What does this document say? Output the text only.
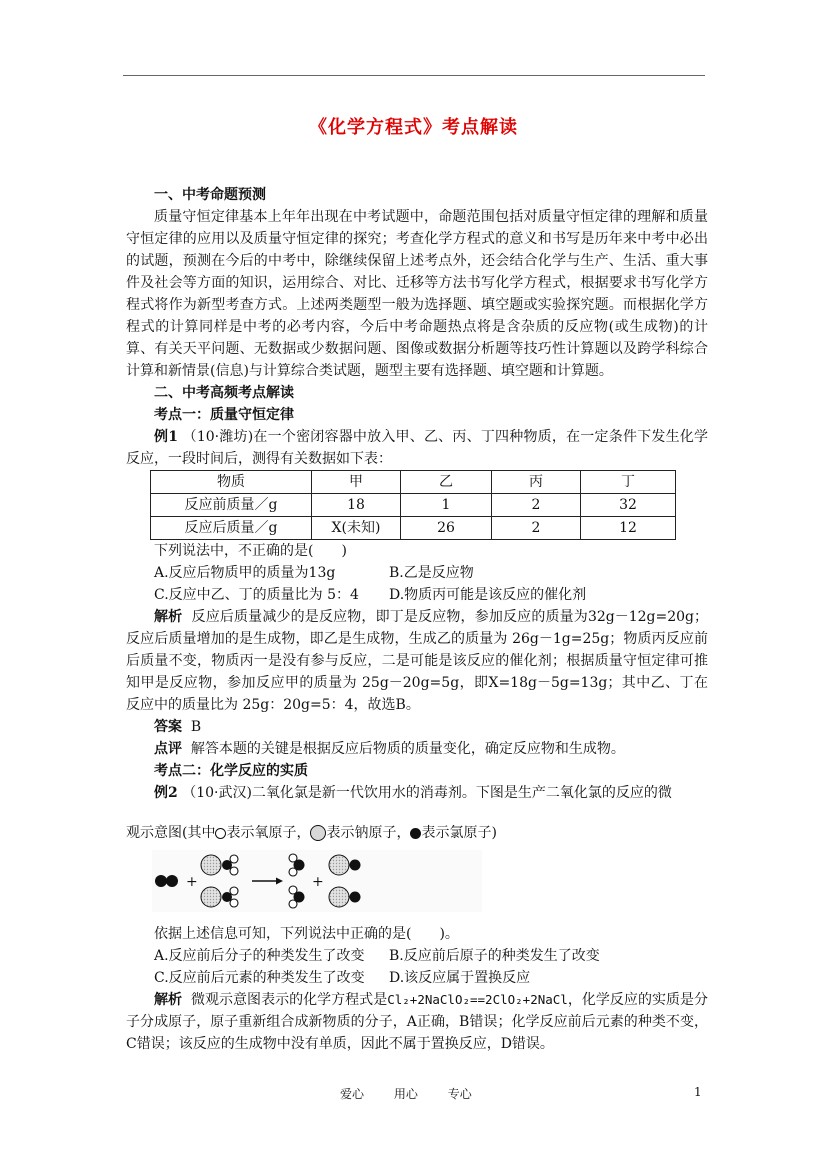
《化学方程式》考点解读

一、中考命题预测

质量守恒定律基本上年年出现在中考试题中，命题范围包括对质量守恒定律的理解和质量守恒定律的应用以及质量守恒定律的探究；考查化学方程式的意义和书写是历年来中考中必出的试题，预测在今后的中考中，除继续保留上述考点外，还会结合化学与生产、生活、重大事件及社会等方面的知识，运用综合、对比、迁移等方法书写化学方程式，根据要求书写化学方程式将作为新型考查方式。上述两类题型一般为选择题、填空题或实验探究题。而根据化学方程式的计算同样是中考的必考内容，今后中考命题热点将是含杂质的反应物(或生成物)的计算、有关天平问题、无数据或少数据问题、图像或数据分析题等技巧性计算题以及跨学科综合计算和新情景(信息)与计算综合类试题，题型主要有选择题、填空题和计算题。

二、中考高频考点解读

考点一：质量守恒定律

例1 （10·潍坊)在一个密闭容器中放入甲、乙、丙、丁四种物质，在一定条件下发生化学反应，一段时间后，测得有关数据如下表：

物质	甲	乙	丙	丁
反应前质量／g	18	1	2	32
反应后质量／g	X(未知)	26	2	12

下列说法中，不正确的是(　　)

A.反应后物质甲的质量为13g	B.乙是反应物

C.反应中乙、丁的质量比为 5：4	D.物质丙可能是该反应的催化剂

解析 反应后质量减少的是反应物，即丁是反应物，参加反应的质量为32g－12g=20g；反应后质量增加的是生成物，即乙是生成物，生成乙的质量为 26g－1g=25g；物质丙反应前后质量不变，物质丙一是没有参与反应，二是可能是该反应的催化剂；根据质量守恒定律可推知甲是反应物，参加反应甲的质量为 25g－20g=5g，即X=18g－5g=13g；其中乙、丁在反应中的质量比为 25g：20g=5：4，故选B。

答案 B

点评 解答本题的关键是根据反应后物质的质量变化，确定反应物和生成物。

考点二：化学反应的实质

例2 （10·武汉)二氧化氯是新一代饮用水的消毒剂。下图是生产二氧化氯的反应的微

观示意图(其中 表示氧原子， 表示钠原子， 表示氯原子)

+	+

依据上述信息可知，下列说法中正确的是(　　)。

A.反应前后分子的种类发生了改变	B.反应前后原子的种类发生了改变

C.反应前后元素的种类发生了改变	D.该反应属于置换反应

解析 微观示意图表示的化学方程式是Cl₂+2NaClO₂==2ClO₂+2NaCl，化学反应的实质是分子分成原子，原子重新组合成新物质的分子，A正确，B错误；化学反应前后元素的种类不变，C错误；该反应的生成物中没有单质，因此不属于置换反应，D错误。

爱心 用心 专心	1
